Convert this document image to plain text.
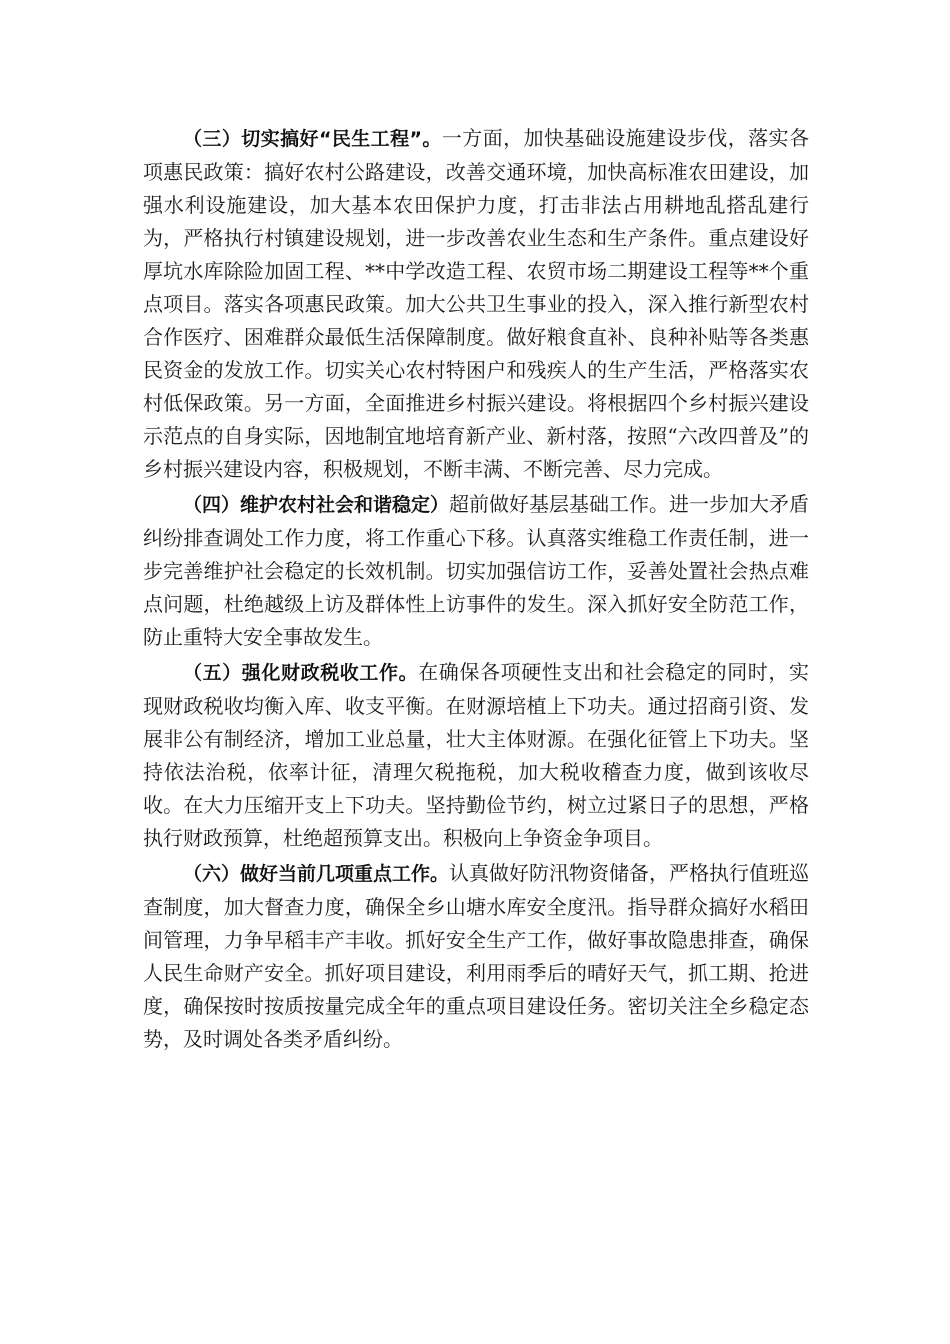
（三）切实搞好“民生工程”。一方面，加快基础设施建设步伐，落实各项惠民政策：搞好农村公路建设，改善交通环境，加快高标准农田建设，加强水利设施建设，加大基本农田保护力度，打击非法占用耕地乱搭乱建行为，严格执行村镇建设规划，进一步改善农业生态和生产条件。重点建设好厚坑水库除险加固工程、**中学改造工程、农贸市场二期建设工程等**个重点项目。落实各项惠民政策。加大公共卫生事业的投入，深入推行新型农村合作医疗、困难群众最低生活保障制度。做好粮食直补、良种补贴等各类惠民资金的发放工作。切实关心农村特困户和残疾人的生产生活，严格落实农村低保政策。另一方面，全面推进乡村振兴建设。将根据四个乡村振兴建设示范点的自身实际，因地制宜地培育新产业、新村落，按照“六改四普及”的乡村振兴建设内容，积极规划，不断丰满、不断完善、尽力完成。

（四）维护农村社会和谐稳定）超前做好基层基础工作。进一步加大矛盾纠纷排查调处工作力度，将工作重心下移。认真落实维稳工作责任制，进一步完善维护社会稳定的长效机制。切实加强信访工作，妥善处置社会热点难点问题，杜绝越级上访及群体性上访事件的发生。深入抓好安全防范工作，防止重特大安全事故发生。

（五）强化财政税收工作。在确保各项硬性支出和社会稳定的同时，实现财政税收均衡入库、收支平衡。在财源培植上下功夫。通过招商引资、发展非公有制经济，增加工业总量，壮大主体财源。在强化征管上下功夫。坚持依法治税，依率计征，清理欠税拖税，加大税收稽查力度，做到该收尽收。在大力压缩开支上下功夫。坚持勤俭节约，树立过紧日子的思想，严格执行财政预算，杜绝超预算支出。积极向上争资金争项目。

（六）做好当前几项重点工作。认真做好防汛物资储备，严格执行值班巡查制度，加大督查力度，确保全乡山塘水库安全度汛。指导群众搞好水稻田间管理，力争早稻丰产丰收。抓好安全生产工作，做好事故隐患排查，确保人民生命财产安全。抓好项目建设，利用雨季后的晴好天气，抓工期、抢进度，确保按时按质按量完成全年的重点项目建设任务。密切关注全乡稳定态势，及时调处各类矛盾纠纷。
